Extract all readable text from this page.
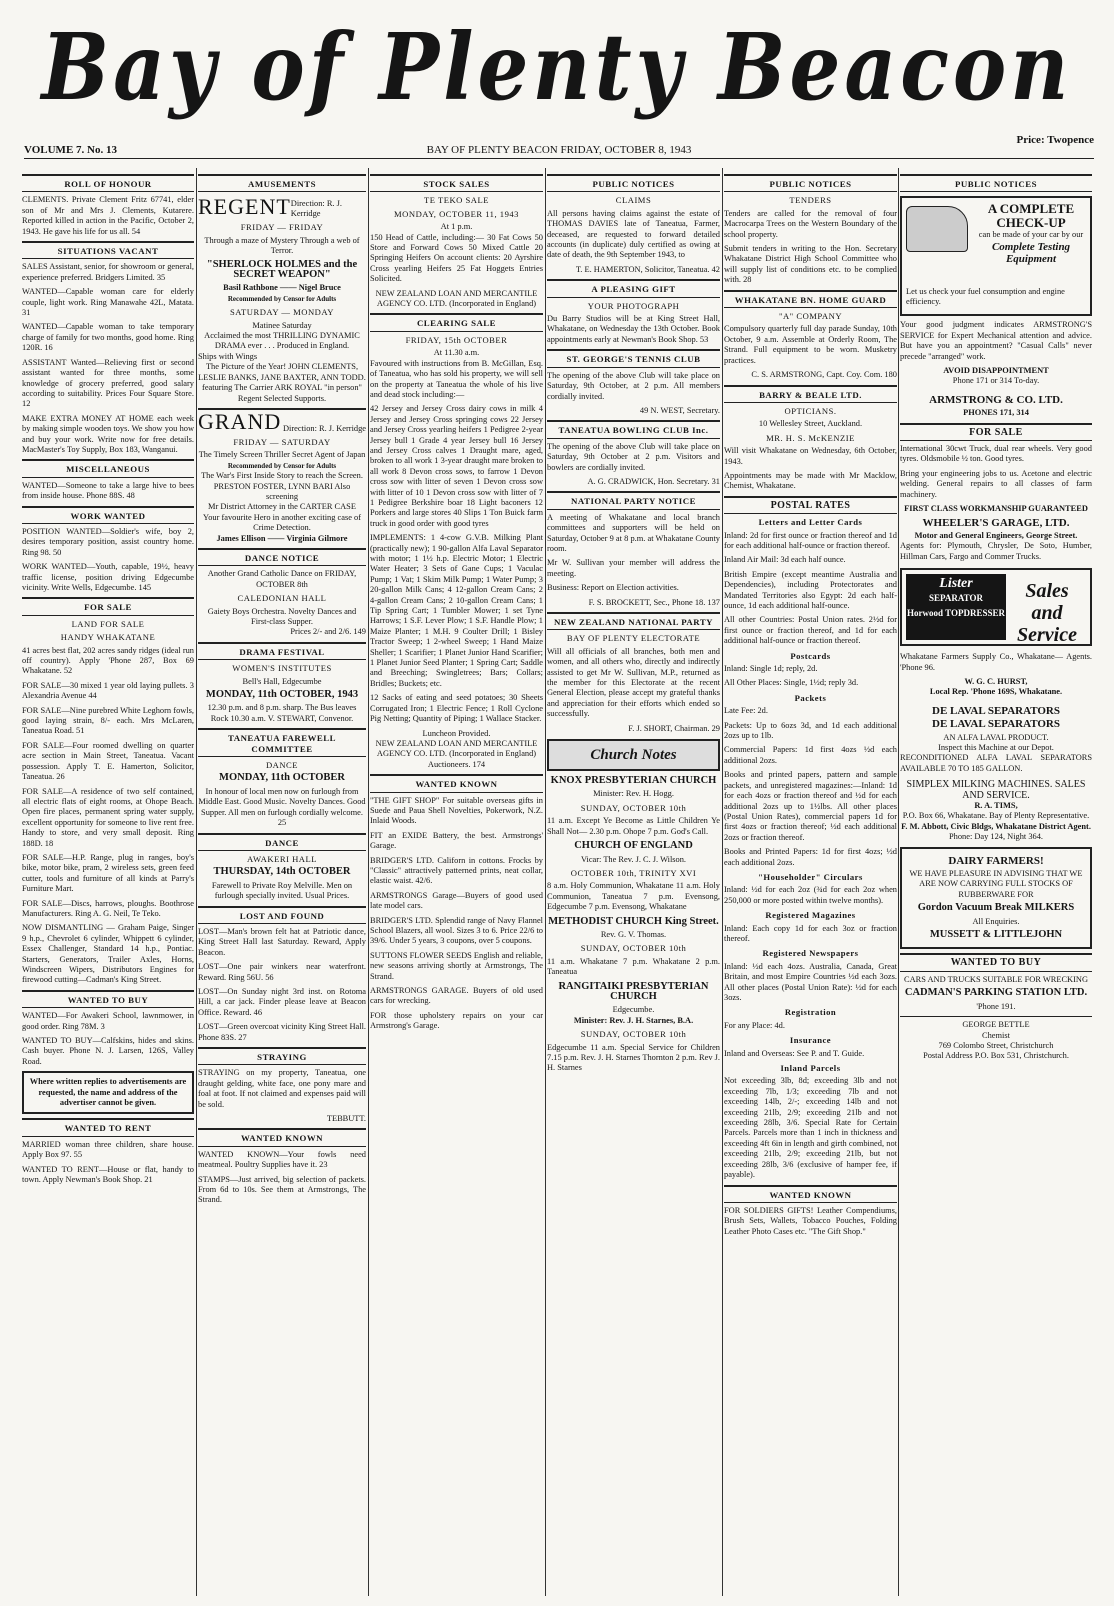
Bay of Plenty Beacon
VOLUME 7. No. 13	BAY OF PLENTY BEACON FRIDAY, OCTOBER 8, 1943
Price: Twopence
ROLL OF HONOUR

CLEMENTS. Private Clement Fritz 67741, elder son of Mr and Mrs J. Clements, Kutarere. Reported killed in action in the Pacific, October 2, 1943. He gave his life for us all. 54

SITUATIONS VACANT

SALES Assistant, senior, for showroom or general, experience preferred. Bridgers Limited. 35

WANTED—Capable woman care for elderly couple, light work. Ring Manawahe 42L, Matata. 31

WANTED—Capable woman to take temporary charge of family for two months, good home. Ring 120R. 16

ASSISTANT Wanted—Relieving first or second assistant wanted for three months, some knowledge of grocery preferred, good salary according to suitability. Prices Four Square Store. 12

MAKE EXTRA MONEY AT HOME each week by making simple wooden toys. We show you how and buy your work. Write now for free details. MacMaster's Toy Supply, Box 183, Wanganui.

MISCELLANEOUS

WANTED—Someone to take a large hive to bees from inside house. Phone 88S. 48

WORK WANTED

POSITION WANTED—Soldier's wife, boy 2, desires temporary position, assist country home. Ring 98. 50

WORK WANTED—Youth, capable, 19½, heavy traffic license, position driving Edgecumbe vicinity. Write Wells, Edgecumbe. 145

FOR SALE
LAND FOR SALE
HANDY WHAKATANE

41 acres best flat, 202 acres sandy ridges (ideal run off country). Apply 'Phone 287, Box 69 Whakatane. 52

FOR SALE—30 mixed 1 year old laying pullets. 3 Alexandria Avenue 44

FOR SALE—Nine purebred White Leghorn fowls, good laying strain, 8/- each. Mrs McLaren, Taneatua Road. 51

FOR SALE—Four roomed dwelling on quarter acre section in Main Street, Taneatua. Vacant possession. Apply T. E. Hamerton, Solicitor, Taneatua. 26

FOR SALE—A residence of two self contained, all electric flats of eight rooms, at Ohope Beach. Open fire places, permanent spring water supply, excellent opportunity for someone to live rent free. Handy to store, and very small deposit. Ring 188D. 18

FOR SALE—H.P. Range, plug in ranges, boy's bike, motor bike, pram, 2 wireless sets, green feed cutter, tools and furniture of all kinds at Parry's Furniture Mart.

FOR SALE—Discs, harrows, ploughs. Boothrose Manufacturers. Ring A. G. Neil, Te Teko.

NOW DISMANTLING — Graham Paige, Singer 9 h.p., Chevrolet 6 cylinder, Whippett 6 cylinder, Essex Challenger, Standard 14 h.p., Pontiac. Starters, Generators, Trailer Axles, Horns, Windscreen Wipers, Distributors Engines for firewood cutting—Cadman's King Street.

WANTED TO BUY

WANTED—For Awakeri School, lawnmower, in good order. Ring 78M. 3

WANTED TO BUY—Calfskins, hides and skins. Cash buyer. Phone N. J. Larsen, 126S, Valley Road.

Where written replies to advertisements are requested, the name and address of the advertiser cannot be given.
WANTED TO RENT

MARRIED woman three children, share house. Apply Box 97. 55

WANTED TO RENT—House or flat, handy to town. Apply Newman's Book Shop. 21

AMUSEMENTS
REGENT Direction: R. J. Kerridge
FRIDAY — FRIDAY
Through a maze of Mystery Through a web of Terror.
"SHERLOCK HOLMES and the SECRET WEAPON"
Basil Rathbone —— Nigel Bruce
Recommended by Censor for Adults
SATURDAY — MONDAY
Matinee Saturday
Acclaimed the most THRILLING DYNAMIC DRAMA ever . . . Produced in England.
Ships with Wings
The Picture of the Year! JOHN CLEMENTS, LESLIE BANKS, JANE BAXTER, ANN TODD. featuring The Carrier ARK ROYAL "in person" Regent Selected Supports.
GRAND Direction: R. J. Kerridge
FRIDAY — SATURDAY
The Timely Screen Thriller Secret Agent of Japan
Recommended by Censor for Adults
The War's First Inside Story to reach the Screen. PRESTON FOSTER, LYNN BARI Also screening
Mr District Attorney in the CARTER CASE
Your favourite Hero in another exciting case of Crime Detection.
James Ellison —— Virginia Gilmore
DANCE NOTICE
Another Grand Catholic Dance on FRIDAY, OCTOBER 8th
CALEDONIAN HALL
Gaiety Boys Orchestra. Novelty Dances and First-class Supper.
Prices 2/- and 2/6. 149
DRAMA FESTIVAL
WOMEN'S INSTITUTES
Bell's Hall, Edgecumbe
MONDAY, 11th OCTOBER, 1943
12.30 p.m. and 8 p.m. sharp. The Bus leaves Rock 10.30 a.m. V. STEWART, Convenor.
TANEATUA FAREWELL COMMITTEE
DANCE
MONDAY, 11th OCTOBER
In honour of local men now on furlough from Middle East. Good Music. Novelty Dances. Good Supper. All men on furlough cordially welcome. 25
DANCE
AWAKERI HALL
THURSDAY, 14th OCTOBER
Farewell to Private Roy Melville. Men on furlough specially invited. Usual Prices.
LOST AND FOUND

LOST—Man's brown felt hat at Patriotic dance, King Street Hall last Saturday. Reward, Apply Beacon.

LOST—One pair winkers near waterfront. Reward. Ring 56U. 56

LOST—On Sunday night 3rd inst. on Rotoma Hill, a car jack. Finder please leave at Beacon Office. Reward. 46

LOST—Green overcoat vicinity King Street Hall. Phone 83S. 27

STRAYING

STRAYING on my property, Taneatua, one draught gelding, white face, one pony mare and foal at foot. If not claimed and expenses paid will be sold.

TEBBUTT.
WANTED KNOWN

WANTED KNOWN—Your fowls need meatmeal. Poultry Supplies have it. 23

STAMPS—Just arrived, big selection of packets. From 6d to 10s. See them at Armstrongs, The Strand.

STOCK SALES
TE TEKO SALE
MONDAY, OCTOBER 11, 1943
At 1 p.m.

150 Head of Cattle, including:— 30 Fat Cows 50 Store and Forward Cows 50 Mixed Cattle 20 Springing Heifers On account clients: 20 Ayrshire Cross yearling Heifers 25 Fat Hoggets Entries Solicited.

NEW ZEALAND LOAN AND MERCANTILE AGENCY CO. LTD. (Incorporated in England)
CLEARING SALE
FRIDAY, 15th OCTOBER
At 11.30 a.m.

Favoured with instructions from B. McGillan, Esq. of Taneatua, who has sold his property, we will sell on the property at Taneatua the whole of his live and dead stock including:—

42 Jersey and Jersey Cross dairy cows in milk 4 Jersey and Jersey Cross springing cows 22 Jersey and Jersey Cross yearling heifers 1 Pedigree 2-year Jersey bull 1 Grade 4 year Jersey bull 16 Jersey and Jersey Cross calves 1 Draught mare, aged, broken to all work 1 3-year draught mare broken to all work 8 Devon cross sows, to farrow 1 Devon cross sow with litter of seven 1 Devon cross sow with litter of 10 1 Devon cross sow with litter of 7 1 Pedigree Berkshire boar 18 Light baconers 12 Porkers and large stores 40 Slips 1 Ton Buick farm truck in good order with good tyres

IMPLEMENTS: 1 4-cow G.V.B. Milking Plant (practically new); 1 90-gallon Alfa Laval Separator with motor; 1 1½ h.p. Electric Motor; 1 Electric Water Heater; 3 Sets of Gane Cups; 1 Vaculac Pump; 1 Vat; 1 Skim Milk Pump; 1 Water Pump; 3 20-gallon Milk Cans; 4 12-gallon Cream Cans; 2 4-gallon Cream Cans; 2 10-gallon Cream Cans; 1 Tip Spring Cart; 1 Tumbler Mower; 1 set Tyne Harrows; 1 S.F. Lever Plow; 1 S.F. Handle Plow; 1 Maize Planter; 1 M.H. 9 Coulter Drill; 1 Bisley Tractor Sweep; 1 2-wheel Sweep; 1 Hand Maize Sheller; 1 Scarifier; 1 Planet Junior Hand Scarifier; 1 Planet Junior Seed Planter; 1 Spring Cart; Saddle and Breeching; Swingletrees; Bars; Collars; Bridles; Buckets; etc.

12 Sacks of eating and seed potatoes; 30 Sheets Corrugated Iron; 1 Electric Fence; 1 Roll Cyclone Pig Netting; Quantity of Piping; 1 Wallace Stacker.

Luncheon Provided.
NEW ZEALAND LOAN AND MERCANTILE AGENCY CO. LTD. (Incorporated in England) Auctioneers. 174
WANTED KNOWN

"THE GIFT SHOP" For suitable overseas gifts in Suede and Paua Shell Novelties, Pokerwork, N.Z. Inlaid Woods.

FIT an EXIDE Battery, the best. Armstrongs' Garage.

BRIDGER'S LTD. Californ in cottons. Frocks by "Classic" attractively patterned prints, neat collar, elastic waist. 42/6.

ARMSTRONGS Garage—Buyers of good used late model cars.

BRIDGER'S LTD. Splendid range of Navy Flannel School Blazers, all wool. Sizes 3 to 6. Price 22/6 to 39/6. Under 5 years, 3 coupons, over 5 coupons.

SUTTONS FLOWER SEEDS English and reliable, new seasons arriving shortly at Armstrongs, The Strand.

ARMSTRONGS GARAGE. Buyers of old used cars for wrecking.

FOR those upholstery repairs on your car Armstrong's Garage.

PUBLIC NOTICES
CLAIMS

All persons having claims against the estate of THOMAS DAVIES late of Taneatua, Farmer, deceased, are requested to forward detailed accounts (in duplicate) duly certified as owing at date of death, the 9th September 1943, to

T. E. HAMERTON, Solicitor, Taneatua. 42
A PLEASING GIFT
YOUR PHOTOGRAPH

Du Barry Studios will be at King Street Hall, Whakatane, on Wednesday the 13th October. Book appointments early at Newman's Book Shop. 53

ST. GEORGE'S TENNIS CLUB

The opening of the above Club will take place on Saturday, 9th October, at 2 p.m. All members cordially invited.

49 N. WEST, Secretary.
TANEATUA BOWLING CLUB Inc.

The opening of the above Club will take place on Saturday, 9th October at 2 p.m. Visitors and bowlers are cordially invited.

A. G. CRADWICK, Hon. Secretary. 31
NATIONAL PARTY NOTICE

A meeting of Whakatane and local branch committees and supporters will be held on Saturday, October 9 at 8 p.m. at Whakatane County room.

Mr W. Sullivan your member will address the meeting.

Business: Report on Election activities.

F. S. BROCKETT, Sec., Phone 18. 137
NEW ZEALAND NATIONAL PARTY
BAY OF PLENTY ELECTORATE

Will all officials of all branches, both men and women, and all others who, directly and indirectly assisted to get Mr W. Sullivan, M.P., returned as the member for this Electorate at the recent General Election, please accept my grateful thanks and appreciation for their efforts which ended so successfully.

F. J. SHORT, Chairman. 29
Church Notes
KNOX PRESBYTERIAN CHURCH
Minister: Rev. H. Hogg.
SUNDAY, OCTOBER 10th

11 a.m. Except Ye Become as Little Children Ye Shall Not— 2.30 p.m. Ohope 7 p.m. God's Call.

CHURCH OF ENGLAND
Vicar: The Rev. J. C. J. Wilson.
OCTOBER 10th, TRINITY XVI

8 a.m. Holy Communion, Whakatane 11 a.m. Holy Communion, Taneatua 7 p.m. Evensong, Edgecumbe 7 p.m. Evensong, Whakatane

METHODIST CHURCH King Street.
Rev. G. V. Thomas.
SUNDAY, OCTOBER 10th

11 a.m. Whakatane 7 p.m. Whakatane 2 p.m. Taneatua

RANGITAIKI PRESBYTERIAN CHURCH
Edgecumbe.
Minister: Rev. J. H. Starnes, B.A.
SUNDAY, OCTOBER 10th

Edgecumbe 11 a.m. Special Service for Children 7.15 p.m. Rev. J. H. Starnes Thornton 2 p.m. Rev J. H. Starnes

PUBLIC NOTICES
TENDERS

Tenders are called for the removal of four Macrocarpa Trees on the Western Boundary of the school property.

Submit tenders in writing to the Hon. Secretary Whakatane District High School Committee who will supply list of conditions etc. to be complied with. 28

WHAKATANE BN. HOME GUARD
"A" COMPANY

Compulsory quarterly full day parade Sunday, 10th October, 9 a.m. Assemble at Orderly Room, The Strand. Full equipment to be worn. Musketry practices.

C. S. ARMSTRONG, Capt. Coy. Com. 180
BARRY & BEALE LTD.
OPTICIANS.
10 Wellesley Street, Auckland.
MR. H. S. McKENZIE

Will visit Whakatane on Wednesday, 6th October, 1943.

Appointments may be made with Mr Macklow, Chemist, Whakatane.

POSTAL RATES
Letters and Letter Cards

Inland: 2d for first ounce or fraction thereof and 1d for each additional half-ounce or fraction thereof.

Inland Air Mail: 3d each half ounce.

British Empire (except meantime Australia and Dependencies), including Protectorates and Mandated Territories also Egypt: 2d each half-ounce, 1d each additional half-ounce.

All other Countries: Postal Union rates. 2½d for first ounce or fraction thereof, and 1d for each additional half-ounce or fraction thereof.

Postcards

Inland: Single 1d; reply, 2d.

All Other Places: Single, 1½d; reply 3d.

Packets

Late Fee: 2d.

Packets: Up to 6ozs 3d, and 1d each additional 2ozs up to 1lb.

Commercial Papers: 1d first 4ozs ½d each additional 2ozs.

Books and printed papers, pattern and sample packets, and unregistered magazines:—Inland: 1d for each 4ozs or fraction thereof and ½d for each additional 2ozs up to 1½lbs. All other places (Postal Union Rates), commercial papers 1d for first 4ozs or fraction thereof; ½d each additional 2ozs or fraction thereof.

Books and Printed Papers: 1d for first 4ozs; ½d each additional 2ozs.

"Householder" Circulars

Inland: ½d for each 2oz (¾d for each 2oz when 250,000 or more posted within twelve months).

Registered Magazines

Inland: Each copy 1d for each 3oz or fraction thereof.

Registered Newspapers

Inland: ½d each 4ozs. Australia, Canada, Great Britain, and most Empire Countries ½d each 3ozs. All other places (Postal Union Rate): ½d for each 3ozs.

Registration

For any Place: 4d.

Insurance

Inland and Overseas: See P. and T. Guide.

Inland Parcels

Not exceeding 3lb, 8d; exceeding 3lb and not exceeding 7lb, 1/3; exceeding 7lb and not exceeding 14lb, 2/-; exceeding 14lb and not exceeding 21lb, 2/9; exceeding 21lb and not exceeding 28lb, 3/6. Special Rate for Certain Parcels. Parcels more than 1 inch in thickness and exceeding 4ft 6in in length and girth combined, not exceeding 21lb, 2/9; exceeding 21lb, but not exceeding 28lb, 3/6 (exclusive of hamper fee, if payable).

WANTED KNOWN

FOR SOLDIERS GIFTS! Leather Compendiums, Brush Sets, Wallets, Tobacco Pouches, Folding Leather Photo Cases etc. "The Gift Shop."

PUBLIC NOTICES
A COMPLETE CHECK-UP
can be made of your car by our
Complete Testing Equipment
Let us check your fuel consumption and engine efficiency.

Your good judgment indicates ARMSTRONG'S SERVICE for Expert Mechanical attention and advice. But have you an appointment? "Casual Calls" never precede "arranged" work.

AVOID DISAPPOINTMENT
Phone 171 or 314 To-day.
ARMSTRONG & CO. LTD.
PHONES 171, 314
FOR SALE

International 30cwt Truck, dual rear wheels. Very good tyres. Oldsmobile ½ ton. Good tyres.

Bring your engineering jobs to us. Acetone and electric welding. General repairs to all classes of farm machinery.

FIRST CLASS WORKMANSHIP GUARANTEED
WHEELER'S GARAGE, LTD.
Motor and General Engineers, George Street.

Agents for: Plymouth, Chrysler, De Soto, Humber, Hillman Cars, Fargo and Commer Trucks.

Lister
SEPARATOR
Horwood TOPDRESSER
Sales and Service

Whakatane Farmers Supply Co., Whakatane— Agents. 'Phone 96.

W. G. C. HURST,
Local Rep. 'Phone 169S, Whakatane.
DE LAVAL SEPARATORS
DE LAVAL SEPARATORS
AN ALFA LAVAL PRODUCT.
Inspect this Machine at our Depot.

RECONDITIONED ALFA LAVAL SEPARATORS AVAILABLE 70 TO 185 GALLON.

SIMPLEX MILKING MACHINES. SALES AND SERVICE.
R. A. TIMS,
P.O. Box 66, Whakatane. Bay of Plenty Representative.
F. M. Abbott, Civic Bldgs, Whakatane District Agent.
Phone: Day 124, Night 364.
DAIRY FARMERS!
WE HAVE PLEASURE IN ADVISING THAT WE ARE NOW CARRYING FULL STOCKS OF RUBBERWARE FOR
Gordon Vacuum Break MILKERS
All Enquiries.
MUSSETT & LITTLEJOHN
WANTED TO BUY
CARS AND TRUCKS SUITABLE FOR WRECKING
CADMAN'S PARKING STATION LTD.
'Phone 191.
GEORGE BETTLE
Chemist
769 Colombo Street, Christchurch
Postal Address P.O. Box 531, Christchurch.
